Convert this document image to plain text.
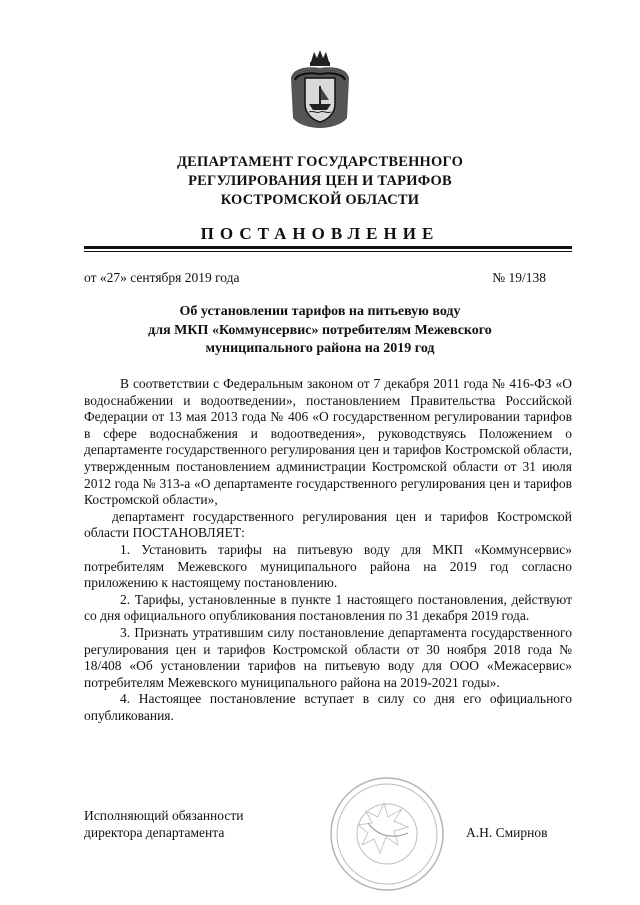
ДЕПАРТАМЕНТ ГОСУДАРСТВЕННОГО
РЕГУЛИРОВАНИЯ ЦЕН И ТАРИФОВ
КОСТРОМСКОЙ ОБЛАСТИ
ПОСТАНОВЛЕНИЕ
от «27» сентября 2019 года	№ 19/138
Об установлении тарифов на питьевую воду
для МКП «Коммунсервис» потребителям Межевского
муниципального района на 2019 год

В соответствии с Федеральным законом от 7 декабря 2011 года № 416-ФЗ «О водоснабжении и водоотведении», постановлением Правительства Российской Федерации от 13 мая 2013 года № 406 «О государственном регулировании тарифов в сфере водоснабжения и водоотведения», руководствуясь Положением о департаменте государственного регулирования цен и тарифов Костромской области, утвержденным постановлением администрации Костромской области от 31 июля 2012 года № 313-а «О департаменте государственного регулирования цен и тарифов Костромской области»,

департамент государственного регулирования цен и тарифов Костромской области ПОСТАНОВЛЯЕТ:

1. Установить тарифы на питьевую воду для МКП «Коммунсервис» потребителям Межевского муниципального района на 2019 год согласно приложению к настоящему постановлению.

2. Тарифы, установленные в пункте 1 настоящего постановления, действуют со дня официального опубликования постановления по 31 декабря 2019 года.

3. Признать утратившим силу постановление департамента государственного регулирования цен и тарифов Костромской области от 30 ноября 2018 года № 18/408 «Об установлении тарифов на питьевую воду для ООО «Межасервис» потребителям Межевского муниципального района на 2019-2021 годы».

4. Настоящее постановление вступает в силу со дня его официального опубликования.

Исполняющий обязанности
директора департамента	А.Н. Смирнов
